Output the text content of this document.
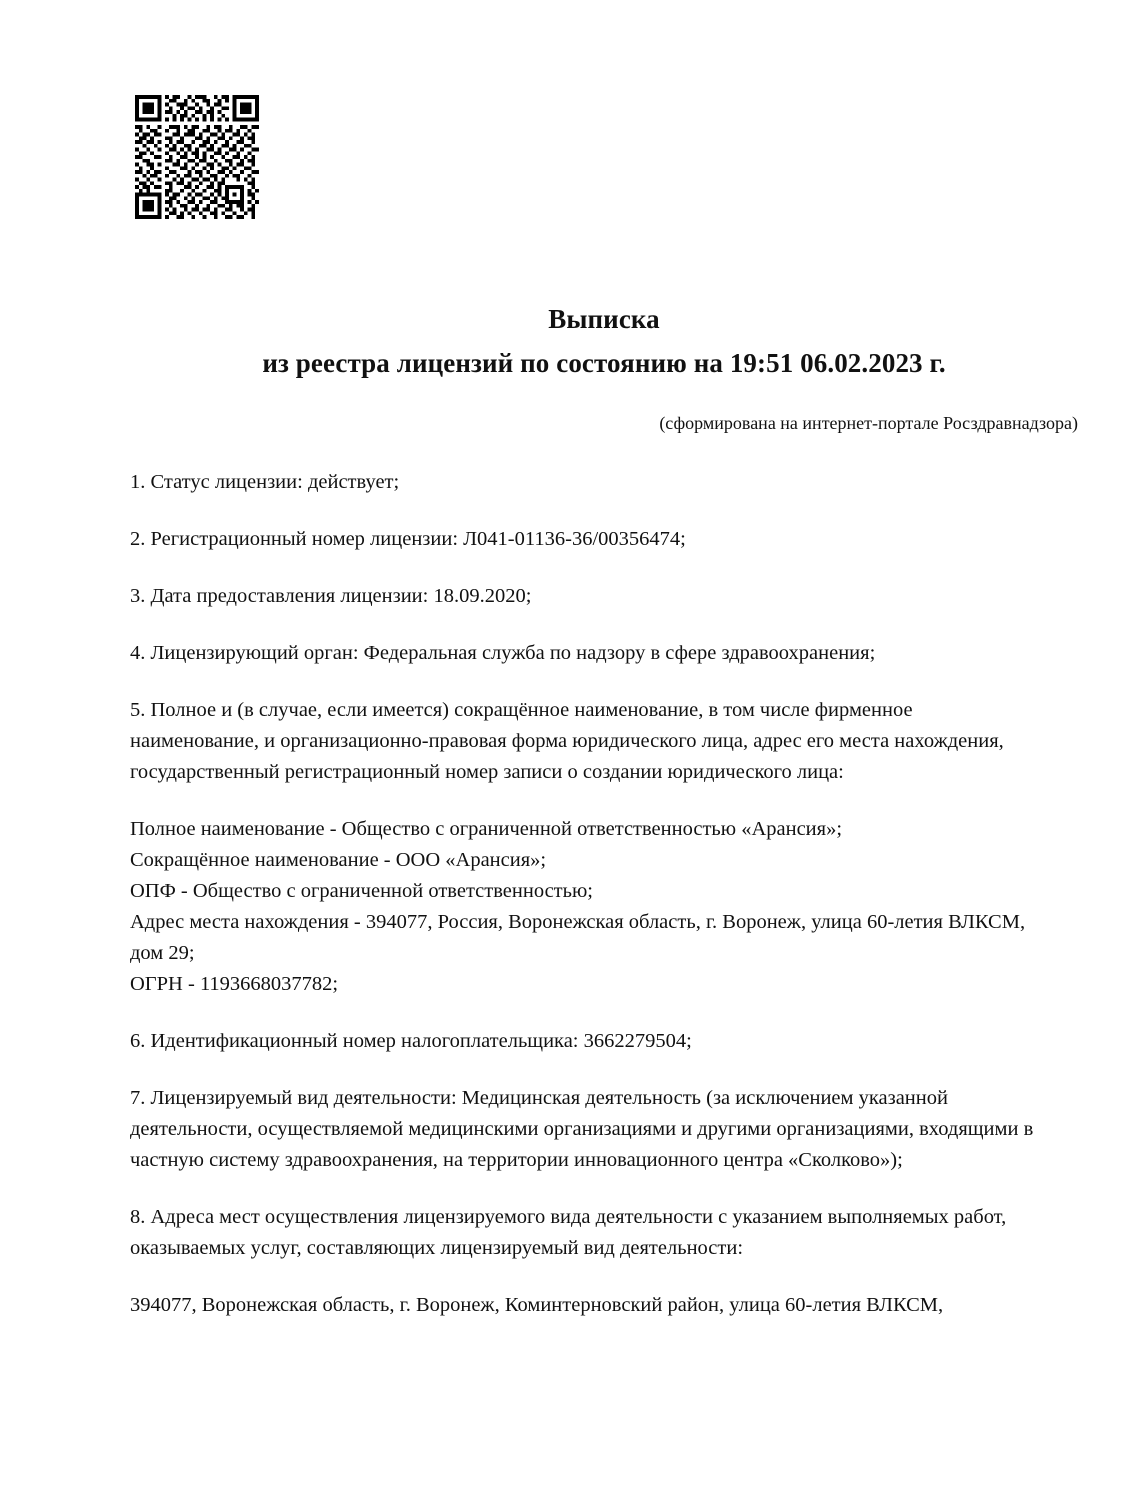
Выписка
из реестра лицензий по состоянию на 19:51 06.02.2023 г.
(сформирована на интернет-портале Росздравнадзора)

1. Статус лицензии: действует;

2. Регистрационный номер лицензии: Л041-01136-36/00356474;

3. Дата предоставления лицензии: 18.09.2020;

4. Лицензирующий орган: Федеральная служба по надзору в сфере здравоохранения;

5. Полное и (в случае, если имеется) сокращённое наименование, в том числе фирменное наименование, и организационно-правовая форма юридического лица, адрес его места нахождения, государственный регистрационный номер записи о создании юридического лица:

Полное наименование - Общество с ограниченной ответственностью «Арансия»;

Сокращённое наименование - ООО «Арансия»;

ОПФ - Общество с ограниченной ответственностью;

Адрес места нахождения - 394077, Россия, Воронежская область, г. Воронеж, улица 60-летия ВЛКСМ, дом 29;

ОГРН - 1193668037782;

6. Идентификационный номер налогоплательщика: 3662279504;

7. Лицензируемый вид деятельности: Медицинская деятельность (за исключением указанной деятельности, осуществляемой медицинскими организациями и другими организациями, входящими в частную систему здравоохранения, на территории инновационного центра «Сколково»);

8. Адреса мест осуществления лицензируемого вида деятельности с указанием выполняемых работ, оказываемых услуг, составляющих лицензируемый вид деятельности:

394077, Воронежская область, г. Воронеж, Коминтерновский район, улица 60-летия ВЛКСМ,
